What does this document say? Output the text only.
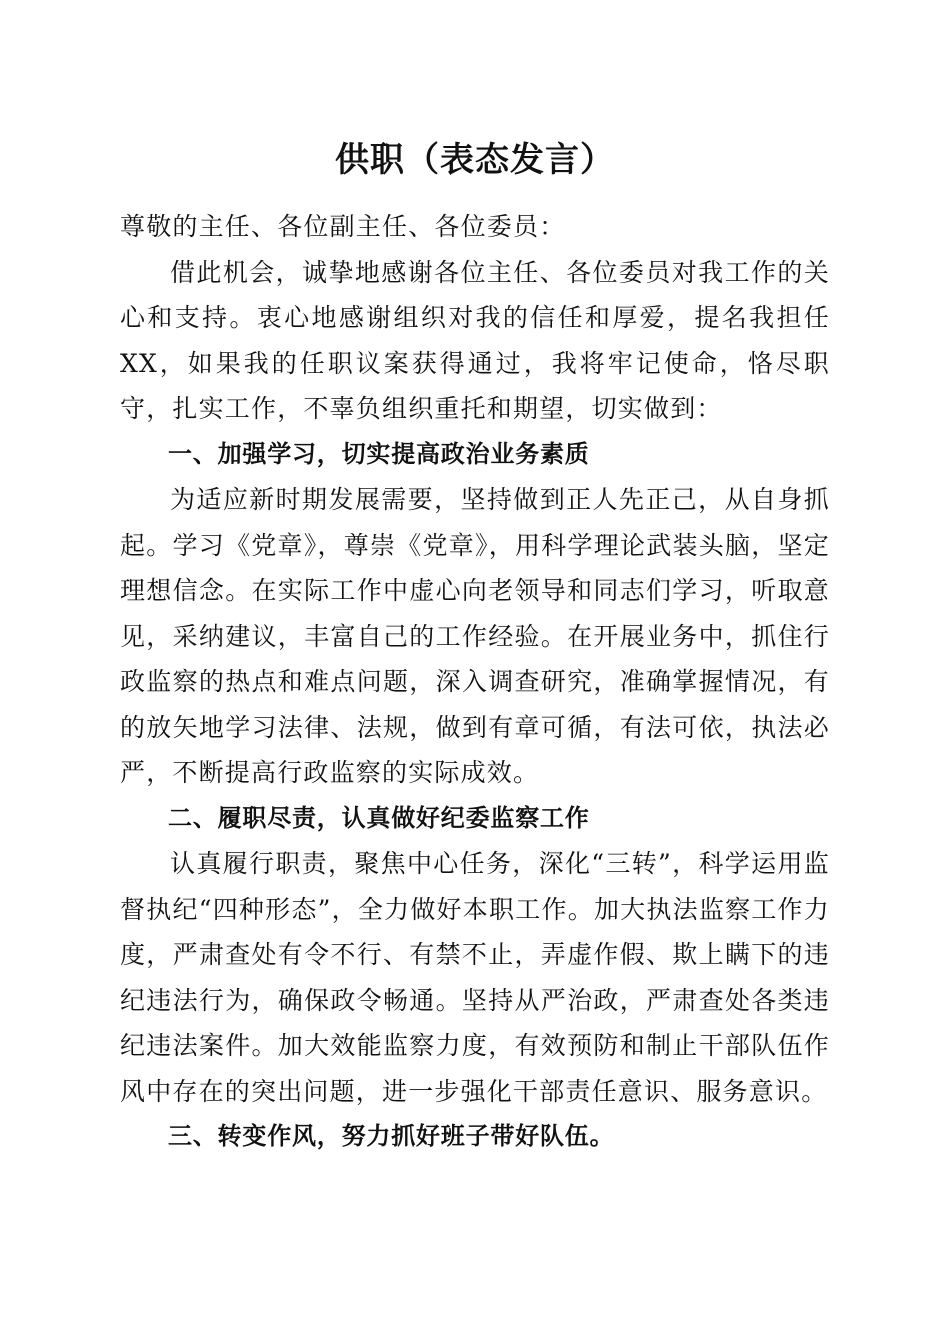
供职（表态发言）

尊敬的主任、各位副主任、各位委员：

借此机会，诚挚地感谢各位主任、各位委员对我工作的关心和支持。衷心地感谢组织对我的信任和厚爱，提名我担任XX，如果我的任职议案获得通过，我将牢记使命，恪尽职守，扎实工作，不辜负组织重托和期望，切实做到：

一、加强学习，切实提高政治业务素质

为适应新时期发展需要，坚持做到正人先正己，从自身抓起。学习《党章》，尊崇《党章》，用科学理论武装头脑，坚定理想信念。在实际工作中虚心向老领导和同志们学习，听取意见，采纳建议，丰富自己的工作经验。在开展业务中，抓住行政监察的热点和难点问题，深入调查研究，准确掌握情况，有的放矢地学习法律、法规，做到有章可循，有法可依，执法必严，不断提高行政监察的实际成效。

二、履职尽责，认真做好纪委监察工作

认真履行职责，聚焦中心任务，深化“三转”，科学运用监督执纪“四种形态”，全力做好本职工作。加大执法监察工作力度，严肃查处有令不行、有禁不止，弄虚作假、欺上瞒下的违纪违法行为，确保政令畅通。坚持从严治政，严肃查处各类违纪违法案件。加大效能监察力度，有效预防和制止干部队伍作风中存在的突出问题，进一步强化干部责任意识、服务意识。

三、转变作风，努力抓好班子带好队伍。
